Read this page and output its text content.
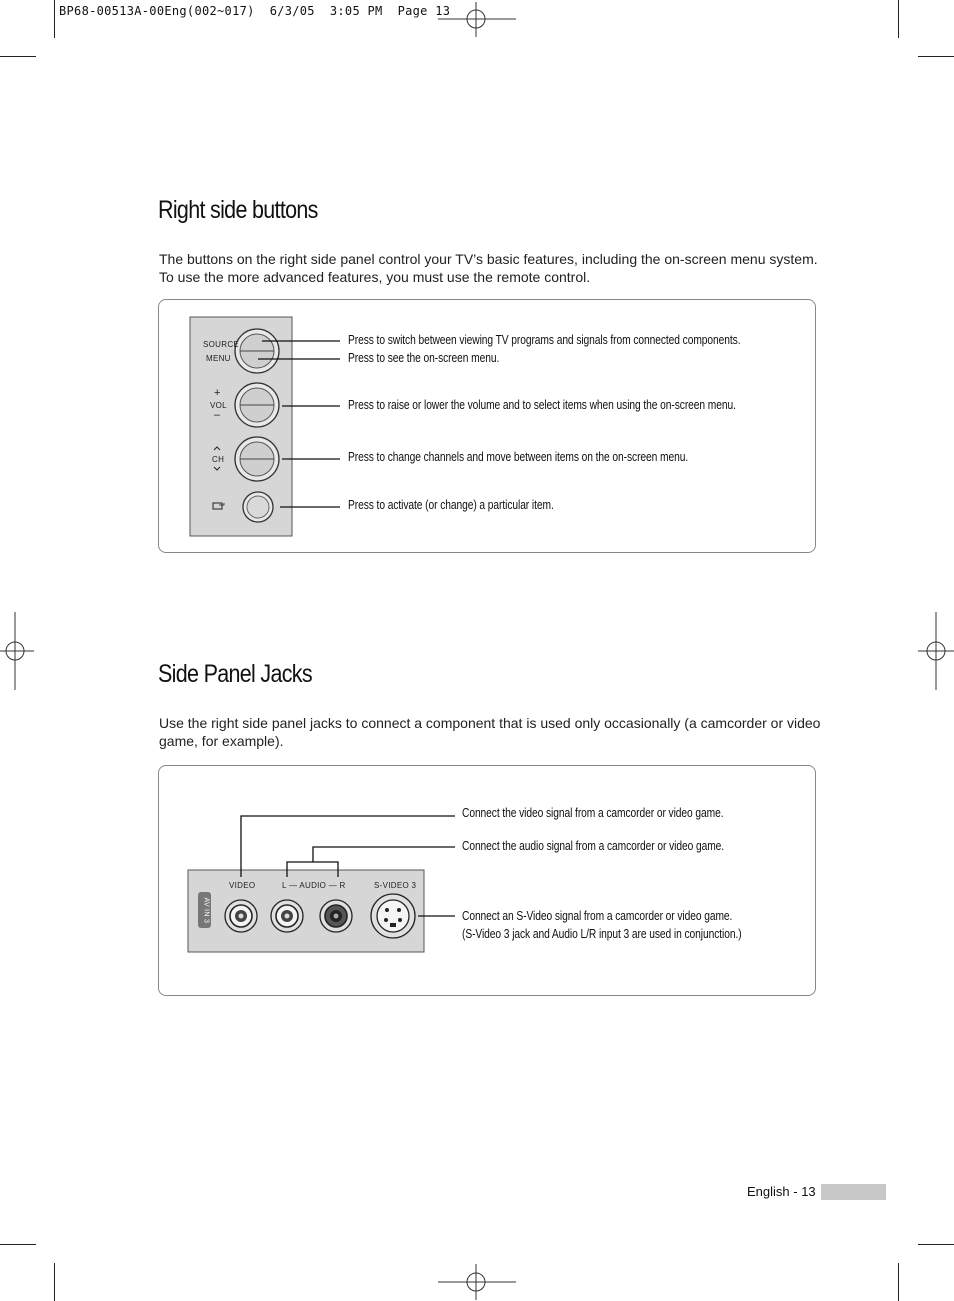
BP68-00513A-00Eng(002~017)  6/3/05  3:05 PM  Page 13
Right side buttons
The buttons on the right side panel control your TV’s basic features, including the on-screen menu system. To use the more advanced features, you must use the remote control.
SOURCE
MENU
+
VOL
–
CH
Press to switch between viewing TV programs and signals from connected components.
Press to see the on-screen menu.
Press to raise or lower the volume and to select items when using the on-screen menu.
Press to change channels and move between items on the on-screen menu.
Press to activate (or change) a particular item.
Side Panel Jacks
Use the right side panel jacks to connect a component that is used only occasionally (a camcorder or video game, for example).
AV IN 3
VIDEO	L — AUDIO — R	S-VIDEO 3
Connect the video signal from a camcorder or video game.
Connect the audio signal from a camcorder or video game.
Connect an S-Video signal from a camcorder or video game.
(S-Video 3 jack and Audio L/R input 3 are used in conjunction.)
English - 13
